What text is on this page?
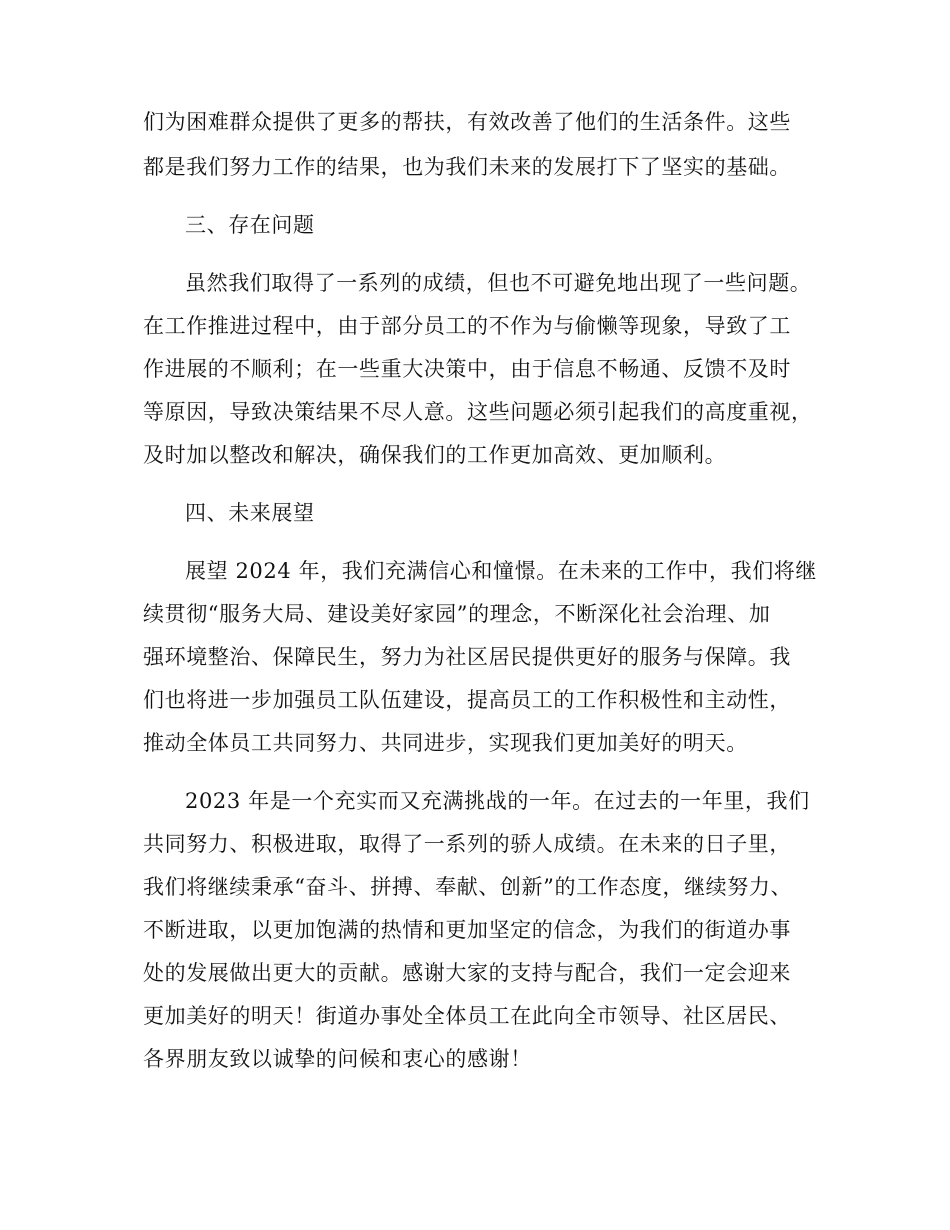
们为困难群众提供了更多的帮扶，有效改善了他们的生活条件。这些
都是我们努力工作的结果，也为我们未来的发展打下了坚实的基础。
三、存在问题
虽然我们取得了一系列的成绩，但也不可避免地出现了一些问题。
在工作推进过程中，由于部分员工的不作为与偷懒等现象，导致了工
作进展的不顺利；在一些重大决策中，由于信息不畅通、反馈不及时
等原因，导致决策结果不尽人意。这些问题必须引起我们的高度重视，
及时加以整改和解决，确保我们的工作更加高效、更加顺利。
四、未来展望
展望 2024 年，我们充满信心和憧憬。在未来的工作中，我们将继
续贯彻“服务大局、建设美好家园”的理念，不断深化社会治理、加
强环境整治、保障民生，努力为社区居民提供更好的服务与保障。我
们也将进一步加强员工队伍建设，提高员工的工作积极性和主动性，
推动全体员工共同努力、共同进步，实现我们更加美好的明天。
2023 年是一个充实而又充满挑战的一年。在过去的一年里，我们
共同努力、积极进取，取得了一系列的骄人成绩。在未来的日子里，
我们将继续秉承“奋斗、拼搏、奉献、创新”的工作态度，继续努力、
不断进取，以更加饱满的热情和更加坚定的信念，为我们的街道办事
处的发展做出更大的贡献。感谢大家的支持与配合，我们一定会迎来
更加美好的明天！街道办事处全体员工在此向全市领导、社区居民、
各界朋友致以诚挚的问候和衷心的感谢！
